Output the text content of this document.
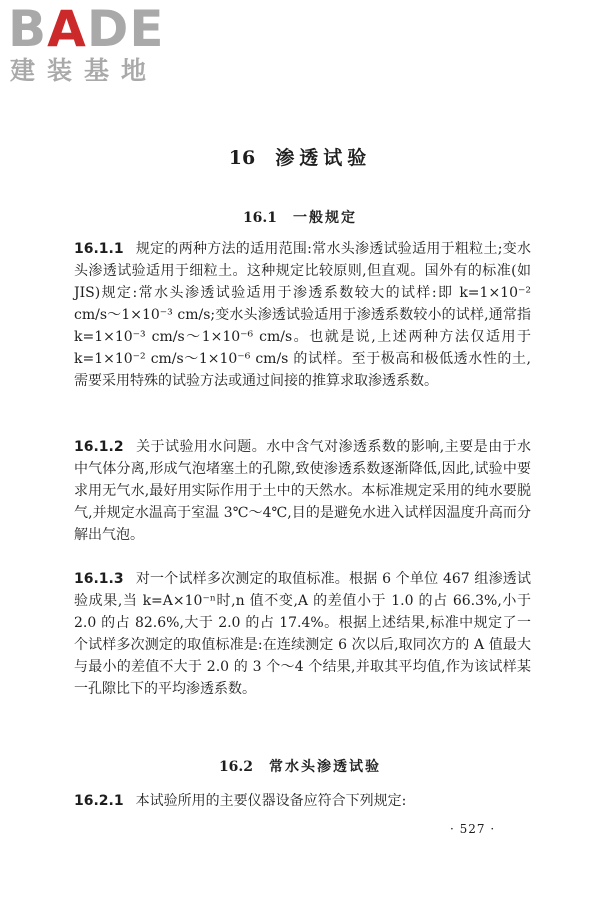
BADE
建装基地
16 渗透试验
16.1 一般规定

16.1.1 规定的两种方法的适用范围:常水头渗透试验适用于粗粒土;变水头渗透试验适用于细粒土。这种规定比较原则,但直观。国外有的标准(如 JIS)规定:常水头渗透试验适用于渗透系数较大的试样:即 k=1×10⁻² cm/s～1×10⁻³ cm/s;变水头渗透试验适用于渗透系数较小的试样,通常指 k=1×10⁻³ cm/s～1×10⁻⁶ cm/s。也就是说,上述两种方法仅适用于 k=1×10⁻² cm/s～1×10⁻⁶ cm/s 的试样。至于极高和极低透水性的土,需要采用特殊的试验方法或通过间接的推算求取渗透系数。

16.1.2 关于试验用水问题。水中含气对渗透系数的影响,主要是由于水中气体分离,形成气泡堵塞土的孔隙,致使渗透系数逐渐降低,因此,试验中要求用无气水,最好用实际作用于土中的天然水。本标准规定采用的纯水要脱气,并规定水温高于室温 3℃～4℃,目的是避免水进入试样因温度升高而分解出气泡。

16.1.3 对一个试样多次测定的取值标准。根据 6 个单位 467 组渗透试验成果,当 k=A×10⁻ⁿ时,n 值不变,A 的差值小于 1.0 的占 66.3%,小于 2.0 的占 82.6%,大于 2.0 的占 17.4%。根据上述结果,标准中规定了一个试样多次测定的取值标准是:在连续测定 6 次以后,取同次方的 A 值最大与最小的差值不大于 2.0 的 3 个～4 个结果,并取其平均值,作为该试样某一孔隙比下的平均渗透系数。

16.2 常水头渗透试验

16.2.1 本试验所用的主要仪器设备应符合下列规定:

· 527 ·
